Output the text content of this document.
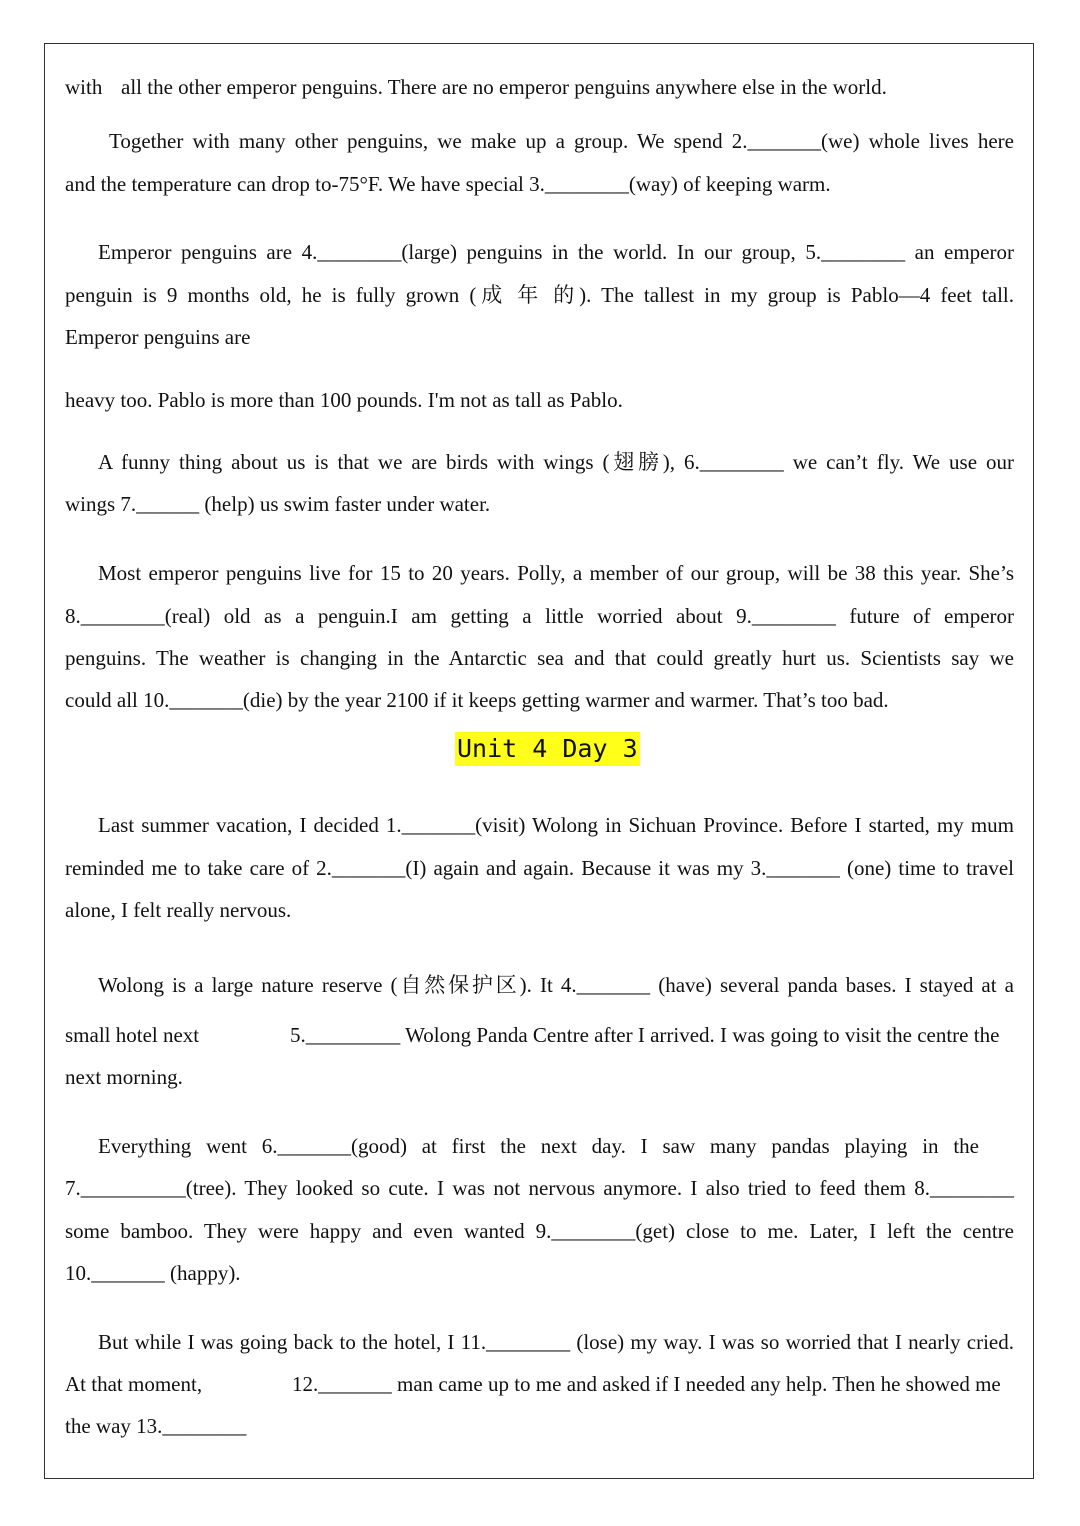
with all the other emperor penguins. There are no emperor penguins anywhere else in the world.
Together with many other penguins, we make up a group. We spend 2._______(we) whole lives here
and the temperature can drop to-75°F. We have special 3.________(way) of keeping warm.
Emperor penguins are 4.________(large) penguins in the world. In our group, 5.________ an emperor
penguin is 9 months old, he is fully grown (成 年 的). The tallest in my group is Pablo—4 feet tall.
Emperor penguins are
heavy too. Pablo is more than 100 pounds. I'm not as tall as Pablo.
A funny thing about us is that we are birds with wings (翅膀), 6.________ we can’t fly. We use our
wings 7.______ (help) us swim faster under water.
Most emperor penguins live for 15 to 20 years. Polly, a member of our group, will be 38 this year. She’s
8.________(real) old as a penguin.I am getting a little worried about 9.________ future of emperor
penguins. The weather is changing in the Antarctic sea and that could greatly hurt us. Scientists say we
could all 10._______(die) by the year 2100 if it keeps getting warmer and warmer. That’s too bad.
Unit 4 Day 3
Last summer vacation, I decided 1._______(visit) Wolong in Sichuan Province. Before I started, my mum
reminded me to take care of 2._______(I) again and again. Because it was my 3._______ (one) time to travel
alone, I felt really nervous.
Wolong is a large nature reserve (自然保护区). It 4._______ (have) several panda bases. I stayed at a
small hotel next	5._________ Wolong Panda Centre after I arrived. I was going to visit the centre the
next morning.
Everything went 6._______(good) at first the next day. I saw many pandas playing in the
7.__________(tree). They looked so cute. I was not nervous anymore. I also tried to feed them 8.________
some bamboo. They were happy and even wanted 9.________(get) close to me. Later, I left the centre
10._______ (happy).
But while I was going back to the hotel, I 11.________ (lose) my way. I was so worried that I nearly cried.
At that moment,	12._______ man came up to me and asked if I needed any help. Then he showed me
the way 13.________
